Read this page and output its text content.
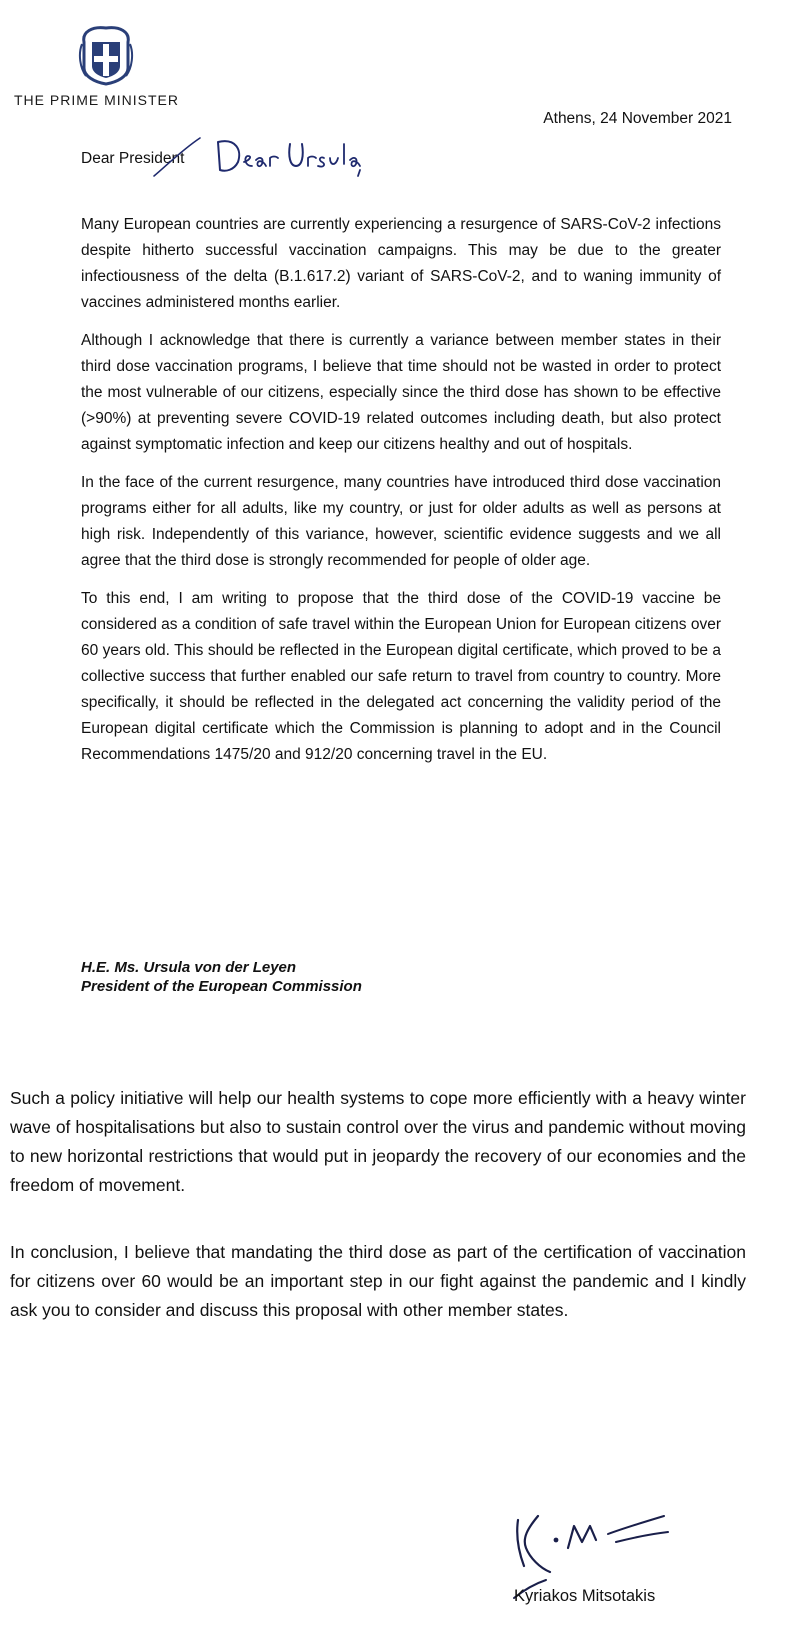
THE PRIME MINISTER
Athens, 24 November 2021
Dear President

Many European countries are currently experiencing a resurgence of SARS-CoV-2 infections despite hitherto successful vaccination campaigns. This may be due to the greater infectiousness of the delta (B.1.617.2) variant of SARS-CoV-2, and to waning immunity of vaccines administered months earlier.

Although I acknowledge that there is currently a variance between member states in their third dose vaccination programs, I believe that time should not be wasted in order to protect the most vulnerable of our citizens, especially since the third dose has shown to be effective (>90%) at preventing severe COVID-19 related outcomes including death, but also protect against symptomatic infection and keep our citizens healthy and out of hospitals.

In the face of the current resurgence, many countries have introduced third dose vaccination programs either for all adults, like my country, or just for older adults as well as persons at high risk. Independently of this variance, however, scientific evidence suggests and we all agree that the third dose is strongly recommended for people of older age.

To this end, I am writing to propose that the third dose of the COVID-19 vaccine be considered as a condition of safe travel within the European Union for European citizens over 60 years old. This should be reflected in the European digital certificate, which proved to be a collective success that further enabled our safe return to travel from country to country. More specifically, it should be reflected in the delegated act concerning the validity period of the European digital certificate which the Commission is planning to adopt and in the Council Recommendations 1475/20 and 912/20 concerning travel in the EU.

H.E. Ms. Ursula von der Leyen
President of the European Commission

Such a policy initiative will help our health systems to cope more efficiently with a heavy winter wave of hospitalisations but also to sustain control over the virus and pandemic without moving to new horizontal restrictions that would put in jeopardy the recovery of our economies and the freedom of movement.

In conclusion, I believe that mandating the third dose as part of the certification of vaccination for citizens over 60 would be an important step in our fight against the pandemic and I kindly ask you to consider and discuss this proposal with other member states.

Kyriakos Mitsotakis
